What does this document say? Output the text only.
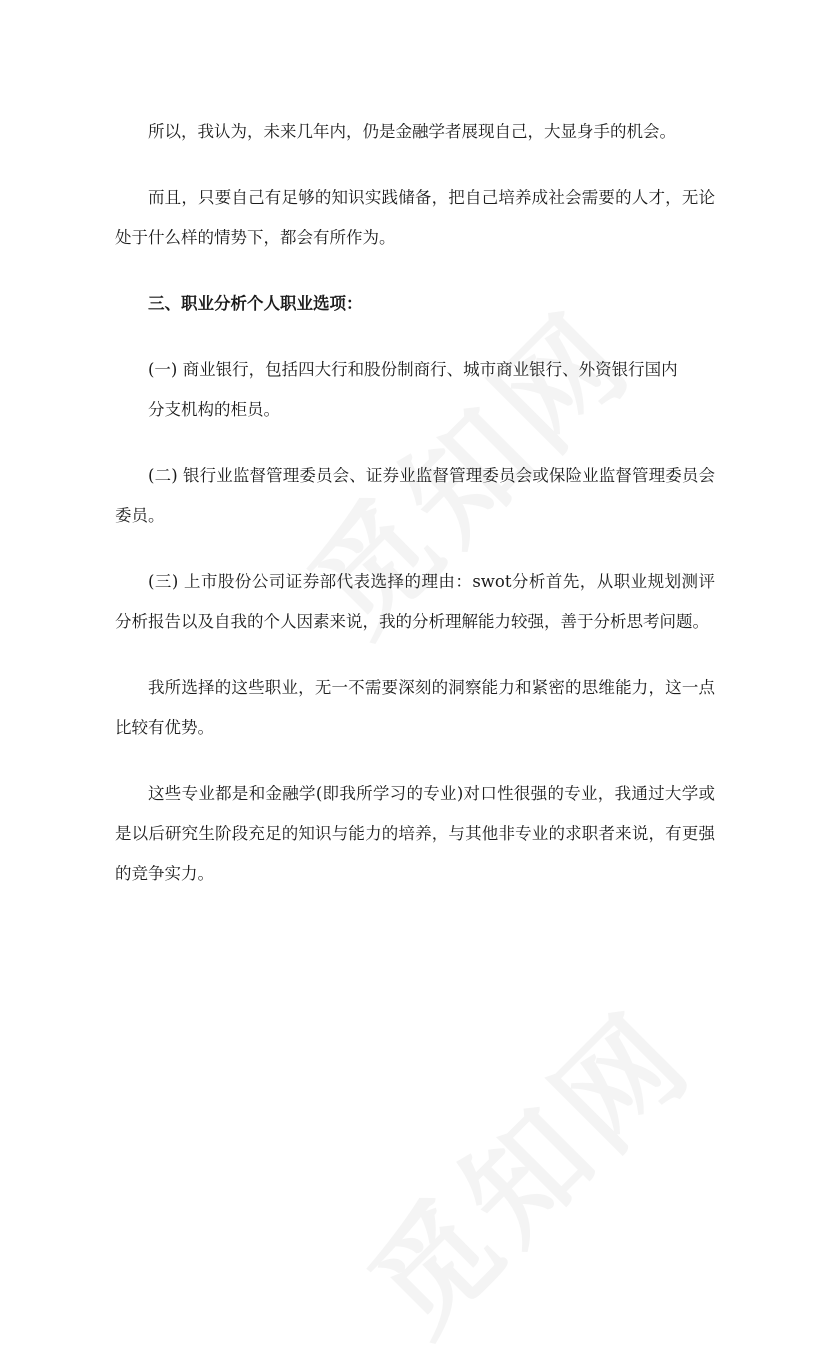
所以，我认为，未来几年内，仍是金融学者展现自己，大显身手的机会。

而且，只要自己有足够的知识实践储备，把自己培养成社会需要的人才，无论处于什么样的情势下，都会有所作为。

三、职业分析个人职业选项：

(一) 商业银行，包括四大行和股份制商行、城市商业银行、外资银行国内
分支机构的柜员。

(二) 银行业监督管理委员会、证券业监督管理委员会或保险业监督管理委员会委员。

(三) 上市股份公司证券部代表选择的理由：swot分析首先，从职业规划测评分析报告以及自我的个人因素来说，我的分析理解能力较强，善于分析思考问题。

我所选择的这些职业，无一不需要深刻的洞察能力和紧密的思维能力，这一点比较有优势。

这些专业都是和金融学(即我所学习的专业)对口性很强的专业，我通过大学或是以后研究生阶段充足的知识与能力的培养，与其他非专业的求职者来说，有更强的竞争实力。
